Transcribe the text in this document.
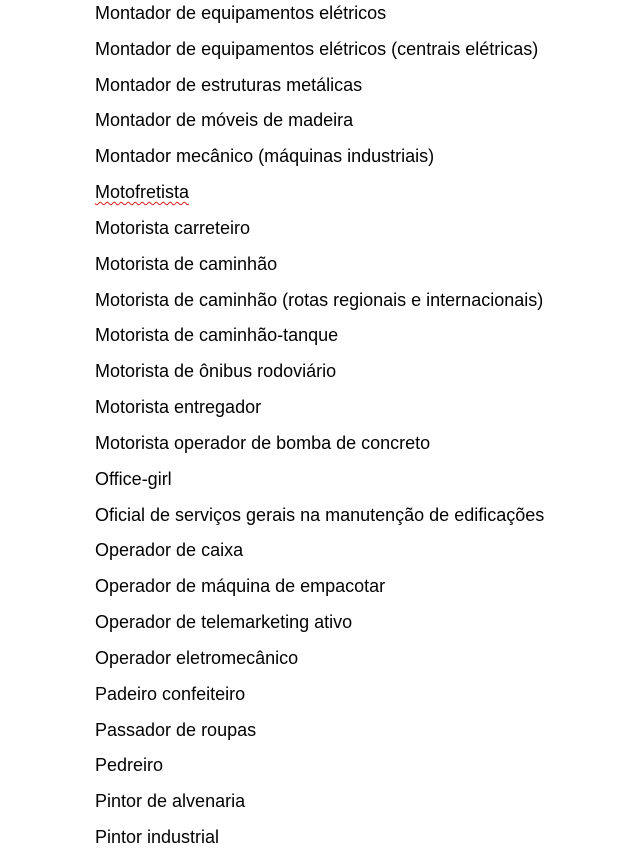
Montador de equipamentos elétricos
Montador de equipamentos elétricos (centrais elétricas)
Montador de estruturas metálicas
Montador de móveis de madeira
Montador mecânico (máquinas industriais)
Motofretista
Motorista carreteiro
Motorista de caminhão
Motorista de caminhão (rotas regionais e internacionais)
Motorista de caminhão-tanque
Motorista de ônibus rodoviário
Motorista entregador
Motorista operador de bomba de concreto
Office-girl
Oficial de serviços gerais na manutenção de edificações
Operador de caixa
Operador de máquina de empacotar
Operador de telemarketing ativo
Operador eletromecânico
Padeiro confeiteiro
Passador de roupas
Pedreiro
Pintor de alvenaria
Pintor industrial
